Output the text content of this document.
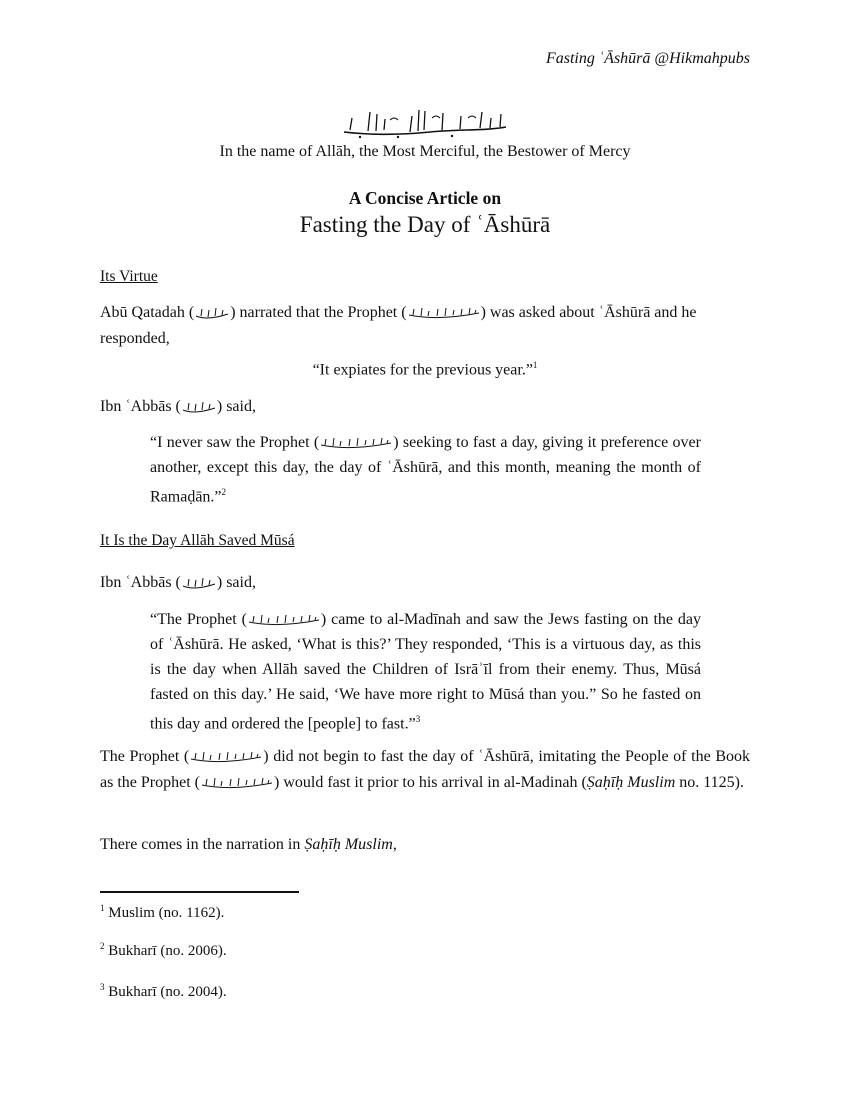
Fasting ʿĀshūrā @Hikmahpubs
In the name of Allāh, the Most Merciful, the Bestower of Mercy
A Concise Article on
Fasting the Day of ʿĀshūrā
Its Virtue
Abū Qatadah ( ) narrated that the Prophet (	) was asked about ʿĀshūrā and he
responded,
“It expiates for the previous year.”$^1$
Ibn ʿAbbās ( ) said,
“I never saw the Prophet (	) seeking to fast a day, giving it preference over another, except this day, the day of ʿĀshūrā, and this month, meaning the month of Ramaḍān.”$^2$
It Is the Day Allāh Saved Mūsá
Ibn ʿAbbās ( ) said,
“The Prophet (	) came to al-Madīnah and saw the Jews fasting on the day of ʿĀshūrā. He asked, ‘What is this?’ They responded, ‘This is a virtuous day, as this is the day when Allāh saved the Children of Isrāʾīl from their enemy. Thus, Mūsá fasted on this day.’ He said, ‘We have more right to Mūsá than you.” So he fasted on this day and ordered the [people] to fast.”$^3$
The Prophet (	) did not begin to fast the day of ʿĀshūrā, imitating the People of the Book as the Prophet (	) would fast it prior to his arrival in al-Madinah (Ṣaḥīḥ Muslim no. 1125).
There comes in the narration in Ṣaḥīḥ Muslim,
$^1$ Muslim (no. 1162).
$^2$ Bukharī (no. 2006).
$^3$ Bukharī (no. 2004).
